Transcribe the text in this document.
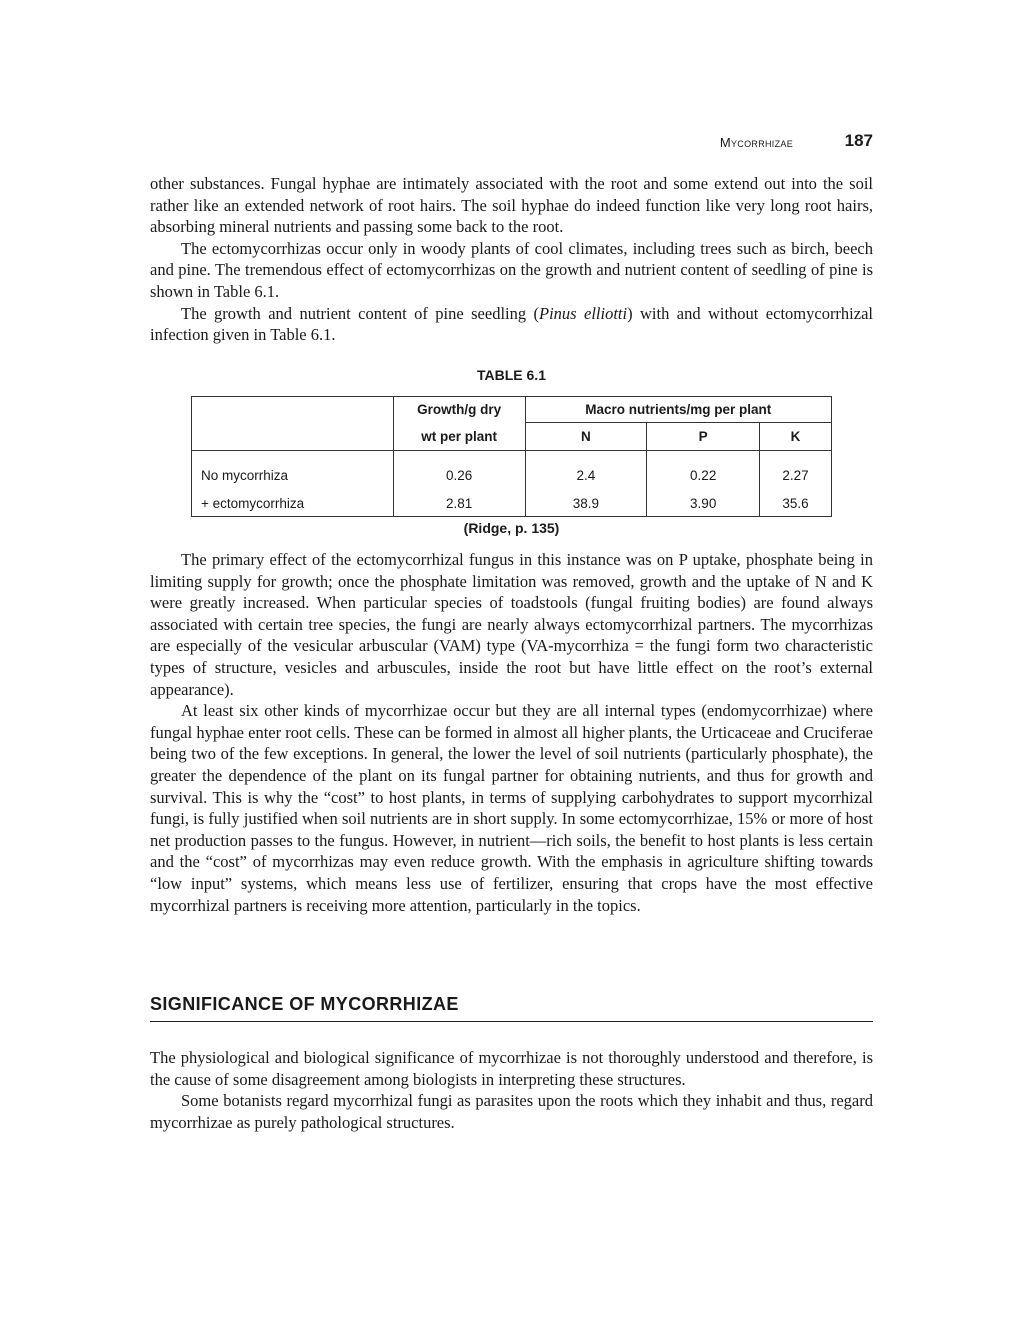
Mycorrhizae	187

other substances. Fungal hyphae are intimately associated with the root and some extend out into the soil rather like an extended network of root hairs. The soil hyphae do indeed function like very long root hairs, absorbing mineral nutrients and passing some back to the root.

The ectomycorrhizas occur only in woody plants of cool climates, including trees such as birch, beech and pine. The tremendous effect of ectomycorrhizas on the growth and nutrient content of seedling of pine is shown in Table 6.1.

The growth and nutrient content of pine seedling (Pinus elliotti) with and without ectomycorrhizal infection given in Table 6.1.

TABLE 6.1
	Growth/g dry	Macro nutrients/mg per plant		
	wt per plant	N	P	K
No mycorrhiza	0.26	2.4	0.22	2.27
+ ectomycorrhiza	2.81	38.9	3.90	35.6
(Ridge, p. 135)

The primary effect of the ectomycorrhizal fungus in this instance was on P uptake, phosphate being in limiting supply for growth; once the phosphate limitation was removed, growth and the uptake of N and K were greatly increased. When particular species of toadstools (fungal fruiting bodies) are found always associated with certain tree species, the fungi are nearly always ectomycorrhizal partners. The mycorrhizas are especially of the vesicular arbuscular (VAM) type (VA-mycorrhiza = the fungi form two characteristic types of structure, vesicles and arbuscules, inside the root but have little effect on the root’s external appearance).

At least six other kinds of mycorrhizae occur but they are all internal types (endomycorrhizae) where fungal hyphae enter root cells. These can be formed in almost all higher plants, the Urticaceae and Cruciferae being two of the few exceptions. In general, the lower the level of soil nutrients (particularly phosphate), the greater the dependence of the plant on its fungal partner for obtaining nutrients, and thus for growth and survival. This is why the “cost” to host plants, in terms of supplying carbohydrates to support mycorrhizal fungi, is fully justified when soil nutrients are in short supply. In some ectomycorrhizae, 15% or more of host net production passes to the fungus. However, in nutrient—rich soils, the benefit to host plants is less certain and the “cost” of mycorrhizas may even reduce growth. With the emphasis in agriculture shifting towards “low input” systems, which means less use of fertilizer, ensuring that crops have the most effective mycorrhizal partners is receiving more attention, particularly in the topics.

SIGNIFICANCE OF MYCORRHIZAE

The physiological and biological significance of mycorrhizae is not thoroughly understood and therefore, is the cause of some disagreement among biologists in interpreting these structures.

Some botanists regard mycorrhizal fungi as parasites upon the roots which they inhabit and thus, regard mycorrhizae as purely pathological structures.
